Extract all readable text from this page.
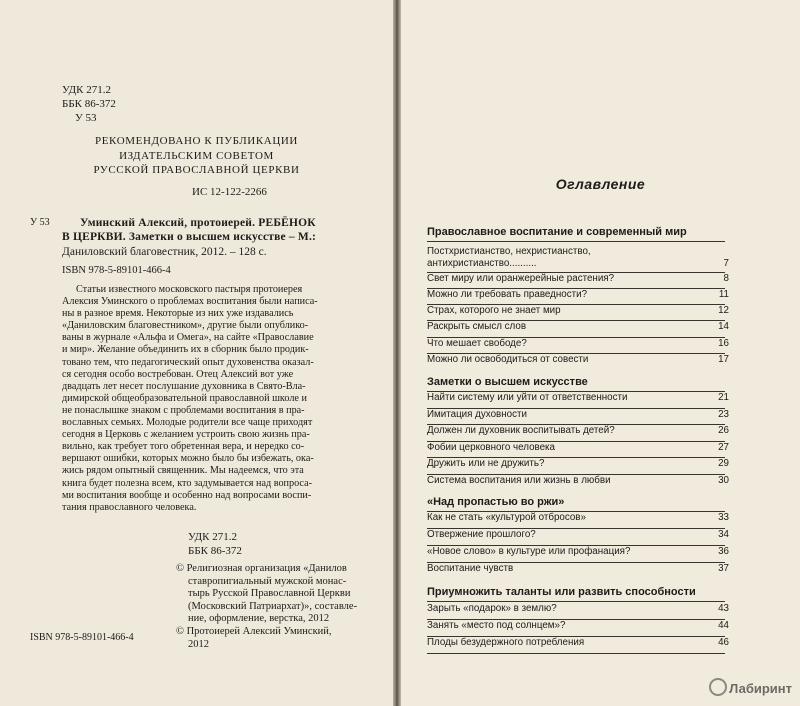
УДК 271.2
ББК 86-372
У 53
РЕКОМЕНДОВАНО К ПУБЛИКАЦИИ
ИЗДАТЕЛЬСКИМ СОВЕТОМ
РУССКОЙ ПРАВОСЛАВНОЙ ЦЕРКВИ
ИС 12-122-2266
У 53	Уминский Алексий, протоиерей. РЕБЁНОК
В ЦЕРКВИ. Заметки о высшем искусстве – М.:
Даниловский благовестник, 2012. – 128 с.
ISBN 978-5-89101-466-4
Статьи известного московского пастыря протоиерея
Алексия Уминского о проблемах воспитания были написа-
ны в разное время. Некоторые из них уже издавались
«Даниловским благовестником», другие были опублико-
ваны в журнале «Альфа и Омега», на сайте «Православие
и мир». Желание объединить их в сборник было продик-
товано тем, что педагогический опыт духовенства оказал-
ся сегодня особо востребован. Отец Алексий вот уже
двадцать лет несет послушание духовника в Свято-Вла-
димирской общеобразовательной православной школе и
не понаслышке знаком с проблемами воспитания в пра-
вославных семьях. Молодые родители все чаще приходят
сегодня в Церковь с желанием устроить свою жизнь пра-
вильно, как требует того обретенная вера, и нередко со-
вершают ошибки, которых можно было бы избежать, ока-
жись рядом опытный священник. Мы надеемся, что эта
книга будет полезна всем, кто задумывается над вопроса-
ми воспитания вообще и особенно над вопросами воспи-
тания православного человека.
УДК 271.2
ББК 86-372
© Религиозная организация «Данилов
ставропигиальный мужской монас-
тырь Русской Православной Церкви
(Московский Патриархат)», составле-
ние, оформление, верстка, 2012
© Протоиерей Алексий Уминский,
2012
ISBN 978-5-89101-466-4
Оглавление
Православное воспитание и современный мир
Постхристианство, нехристианство,
антихристианство..........	7
Свет миру или оранжерейные растения?	8
Можно ли требовать праведности?	11
Страх, которого не знает мир	12
Раскрыть смысл слов	14
Что мешает свободе?	16
Можно ли освободиться от совести	17
Заметки о высшем искусстве
Найти систему или уйти от ответственности	21
Имитация духовности	23
Должен ли духовник воспитывать детей?	26
Фобии церковного человека	27
Дружить или не дружить?	29
Система воспитания или жизнь в любви	30
«Над пропастью во ржи»
Как не стать «культурой отбросов»	33
Отвержение прошлого?	34
«Новое слово» в культуре или профанация?	36
Воспитание чувств	37
Приумножить таланты или развить способности
Зарыть «подарок» в землю?	43
Занять «место под солнцем»?	44
Плоды безудержного потребления	46
Лабиринт
